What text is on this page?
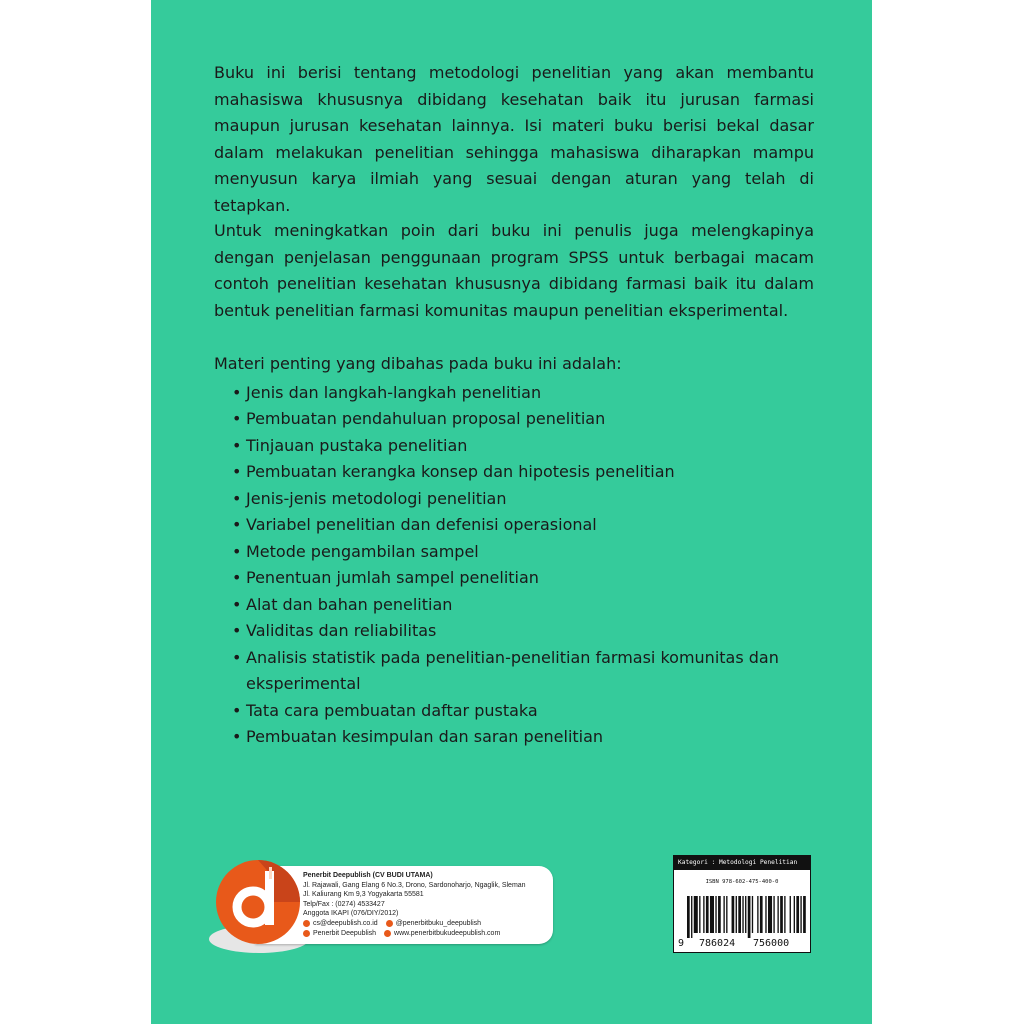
Buku ini berisi tentang metodologi penelitian yang akan membantu mahasiswa khususnya dibidang kesehatan baik itu jurusan farmasi maupun jurusan kesehatan lainnya. Isi materi buku berisi bekal dasar dalam melakukan penelitian sehingga mahasiswa diharapkan mampu menyusun karya ilmiah yang sesuai dengan aturan yang telah di tetapkan.

Untuk meningkatkan poin dari buku ini penulis juga melengkapinya dengan penjelasan penggunaan program SPSS untuk berbagai macam contoh penelitian kesehatan khususnya dibidang farmasi baik itu dalam bentuk penelitian farmasi komunitas maupun penelitian eksperimental.

Materi penting yang dibahas pada buku ini adalah:

• Jenis dan langkah-langkah penelitian
• Pembuatan pendahuluan proposal penelitian
• Tinjauan pustaka penelitian
• Pembuatan kerangka konsep dan hipotesis penelitian
• Jenis-jenis metodologi penelitian
• Variabel penelitian dan defenisi operasional
• Metode pengambilan sampel
• Penentuan jumlah sampel penelitian
• Alat dan bahan penelitian
• Validitas dan reliabilitas
• Analisis statistik pada penelitian-penelitian farmasi komunitas dan eksperimental
• Tata cara pembuatan daftar pustaka
• Pembuatan kesimpulan dan saran penelitian
Penerbit Deepublish (CV BUDI UTAMA)
Jl. Rajawali, Gang Elang 6 No.3, Drono, Sardonoharjo, Ngaglik, Sleman
Jl. Kaliurang Km 9,3 Yogyakarta 55581
Telp/Fax : (0274) 4533427
Anggota IKAPI (076/DIY/2012)
cs@deepublish.co.id	@penerbitbuku_deepublish
Penerbit Deepublish	www.penerbitbukudeepublish.com
Kategori : Metodologi Penelitian
ISBN 978-602-475-400-0
9 786024 756000
